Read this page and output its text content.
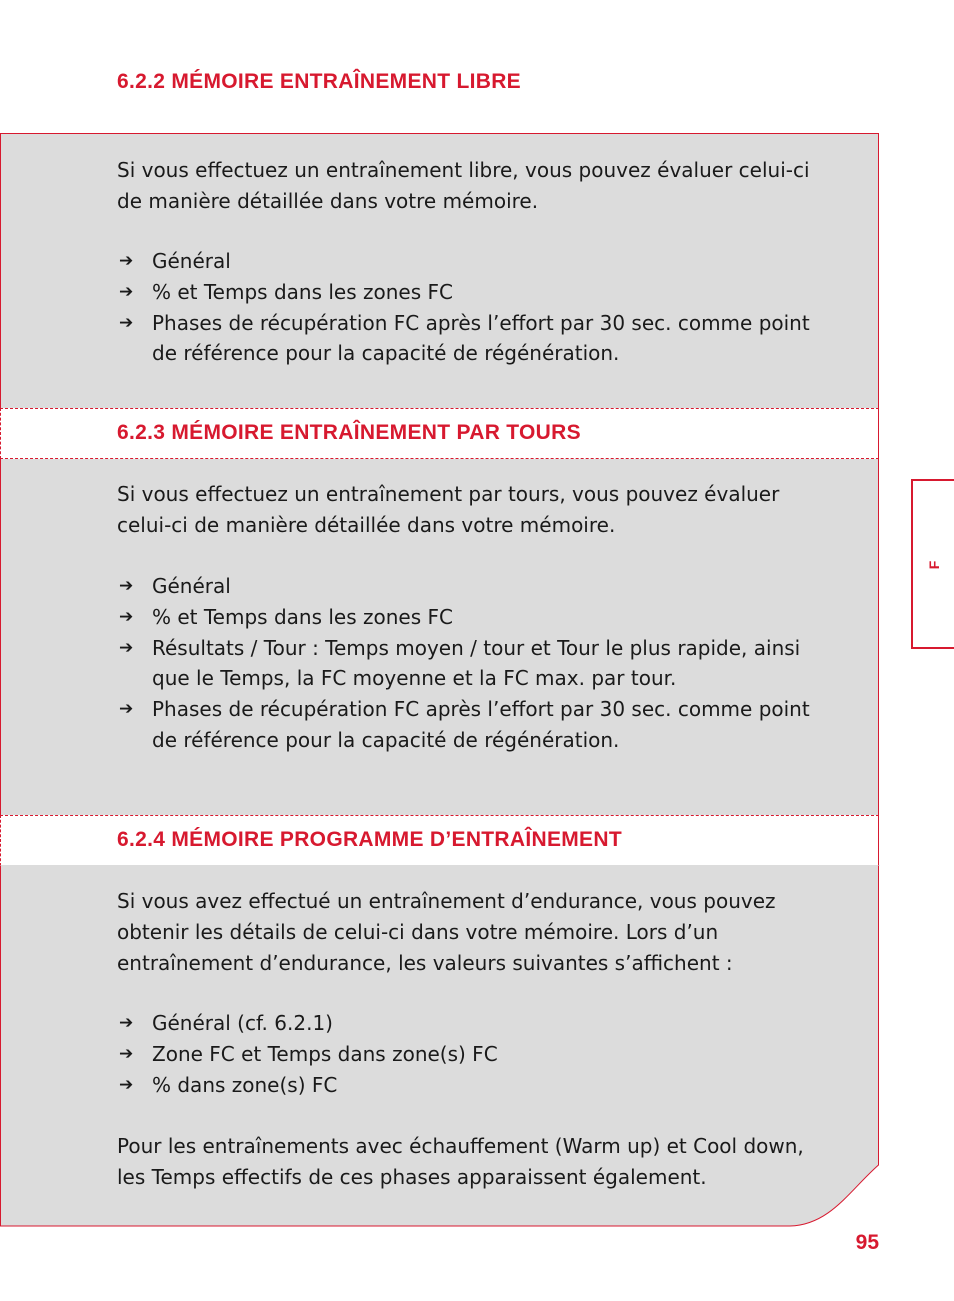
6.2.2 MÉMOIRE ENTRAÎNEMENT LIBRE

Si vous effectuez un entraînement libre, vous pouvez évaluer celui-ci de manière détaillée dans votre mémoire.

➔ Général
➔ % et Temps dans les zones FC
➔ Phases de récupération FC après l’effort par 30 sec. comme point de référence pour la capacité de régénération.
6.2.3 MÉMOIRE ENTRAÎNEMENT PAR TOURS

Si vous effectuez un entraînement par tours, vous pouvez évaluer celui-ci de manière détaillée dans votre mémoire.

➔ Général
➔ % et Temps dans les zones FC
➔ Résultats / Tour : Temps moyen / tour et Tour le plus rapide, ainsi que le Temps, la FC moyenne et la FC max. par tour.
➔ Phases de récupération FC après l’effort par 30 sec. comme point de référence pour la capacité de régénération.
6.2.4 MÉMOIRE PROGRAMME D’ENTRAÎNEMENT

Si vous avez effectué un entraînement d’endurance, vous pouvez obtenir les détails de celui-ci dans votre mémoire. Lors d’un entraînement d’endurance, les valeurs suivantes s’affichent :

➔ Général (cf. 6.2.1)
➔ Zone FC et Temps dans zone(s) FC
➔ % dans zone(s) FC

Pour les entraînements avec échauffement (Warm up) et Cool down, les Temps effectifs de ces phases apparaissent également.

F
95
